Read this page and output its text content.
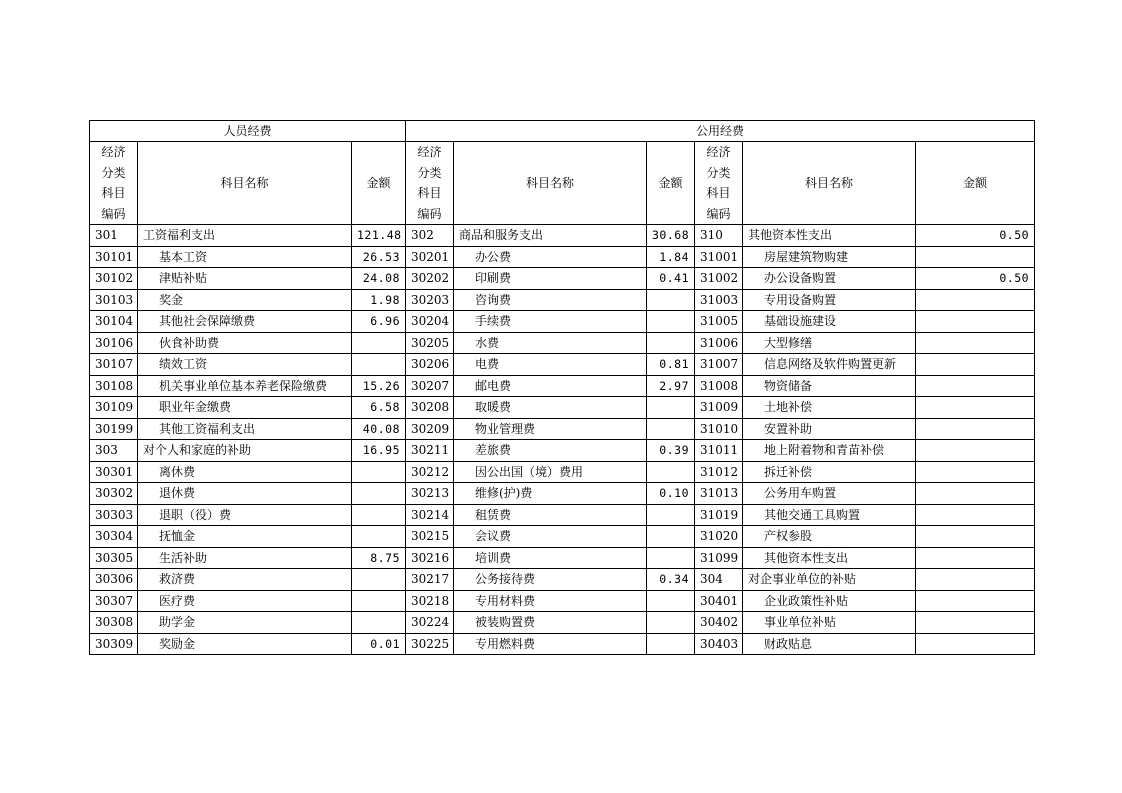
人员经费			公用经费					
经济
分类
科目
编码	科目名称	金额	经济
分类
科目
编码	科目名称	金额	经济
分类
科目
编码	科目名称	金额
301	工资福利支出	121.48	302	商品和服务支出	30.68	310	其他资本性支出	0.50
30101	基本工资	26.53	30201	办公费	1.84	31001	房屋建筑物购建	
30102	津贴补贴	24.08	30202	印刷费	0.41	31002	办公设备购置	0.50
30103	奖金	1.98	30203	咨询费		31003	专用设备购置	
30104	其他社会保障缴费	6.96	30204	手续费		31005	基础设施建设	
30106	伙食补助费		30205	水费		31006	大型修缮	
30107	绩效工资		30206	电费	0.81	31007	信息网络及软件购置更新	
30108	机关事业单位基本养老保险缴费	15.26	30207	邮电费	2.97	31008	物资储备	
30109	职业年金缴费	6.58	30208	取暖费		31009	土地补偿	
30199	其他工资福利支出	40.08	30209	物业管理费		31010	安置补助	
303	对个人和家庭的补助	16.95	30211	差旅费	0.39	31011	地上附着物和青苗补偿	
30301	离休费		30212	因公出国（境）费用		31012	拆迁补偿	
30302	退休费		30213	维修(护)费	0.10	31013	公务用车购置	
30303	退职（役）费		30214	租赁费		31019	其他交通工具购置	
30304	抚恤金		30215	会议费		31020	产权参股	
30305	生活补助	8.75	30216	培训费		31099	其他资本性支出	
30306	救济费		30217	公务接待费	0.34	304	对企事业单位的补贴	
30307	医疗费		30218	专用材料费		30401	企业政策性补贴	
30308	助学金		30224	被装购置费		30402	事业单位补贴	
30309	奖励金	0.01	30225	专用燃料费		30403	财政贴息	
